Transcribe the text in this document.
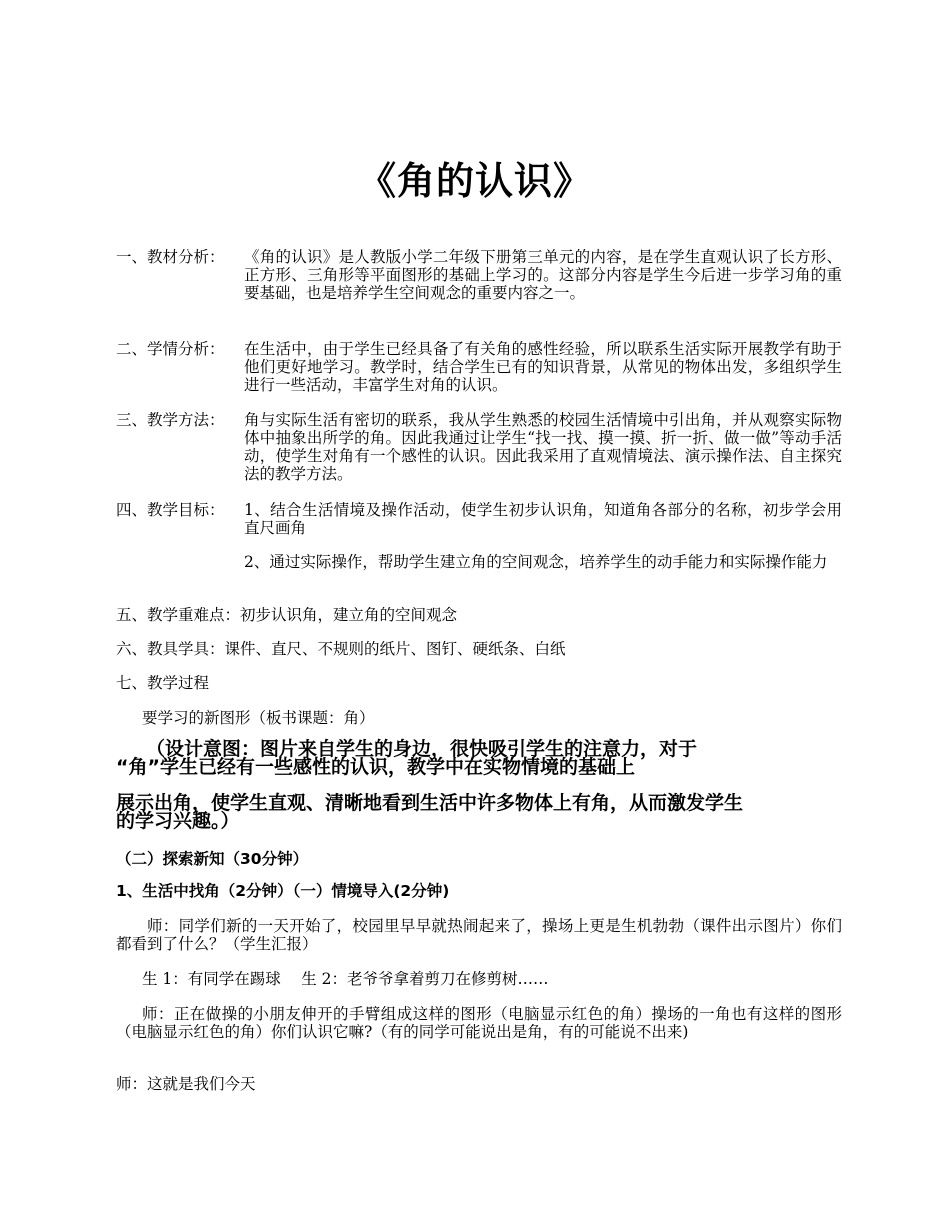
《角的认识》
一、教材分析：	《角的认识》是人教版小学二年级下册第三单元的内容，是在学生直观认识了长方形、正方形、三角形等平面图形的基础上学习的。这部分内容是学生今后进一步学习角的重要基础，也是培养学生空间观念的重要内容之一。
二、学情分析：	在生活中，由于学生已经具备了有关角的感性经验，所以联系生活实际开展教学有助于他们更好地学习。教学时，结合学生已有的知识背景，从常见的物体出发，多组织学生进行一些活动，丰富学生对角的认识。
三、教学方法：	角与实际生活有密切的联系，我从学生熟悉的校园生活情境中引出角，并从观察实际物体中抽象出所学的角。因此我通过让学生“找一找、摸一摸、折一折、做一做”等动手活动，使学生对角有一个感性的认识。因此我采用了直观情境法、演示操作法、自主探究法的教学方法。
四、教学目标：	1、结合生活情境及操作活动，使学生初步认识角，知道角各部分的名称，初步学会用直尺画角
2、通过实际操作，帮助学生建立角的空间观念，培养学生的动手能力和实际操作能力
五、教学重难点：初步认识角，建立角的空间观念
六、教具学具：课件、直尺、不规则的纸片、图钉、硬纸条、白纸
七、教学过程
要学习的新图形（板书课题：角）
（设计意图：图片来自学生的身边，很快吸引学生的注意力，对于
“角”学生已经有一些感性的认识，教学中在实物情境的基础上
展示出角，使学生直观、清晰地看到生活中许多物体上有角，从而激发学生
的学习兴趣。）
（二）探索新知（30分钟）
1、生活中找角（2分钟）（一）情境导入(2分钟)
师：同学们新的一天开始了，校园里早早就热闹起来了，操场上更是生机勃勃（课件出示图片）你们都看到了什么？（学生汇报）
生 1：有同学在踢球　 生 2：老爷爷拿着剪刀在修剪树……
师：正在做操的小朋友伸开的手臂组成这样的图形（电脑显示红色的角）操场的一角也有这样的图形（电脑显示红色的角）你们认识它嘛?（有的同学可能说出是角，有的可能说不出来)
师：这就是我们今天
